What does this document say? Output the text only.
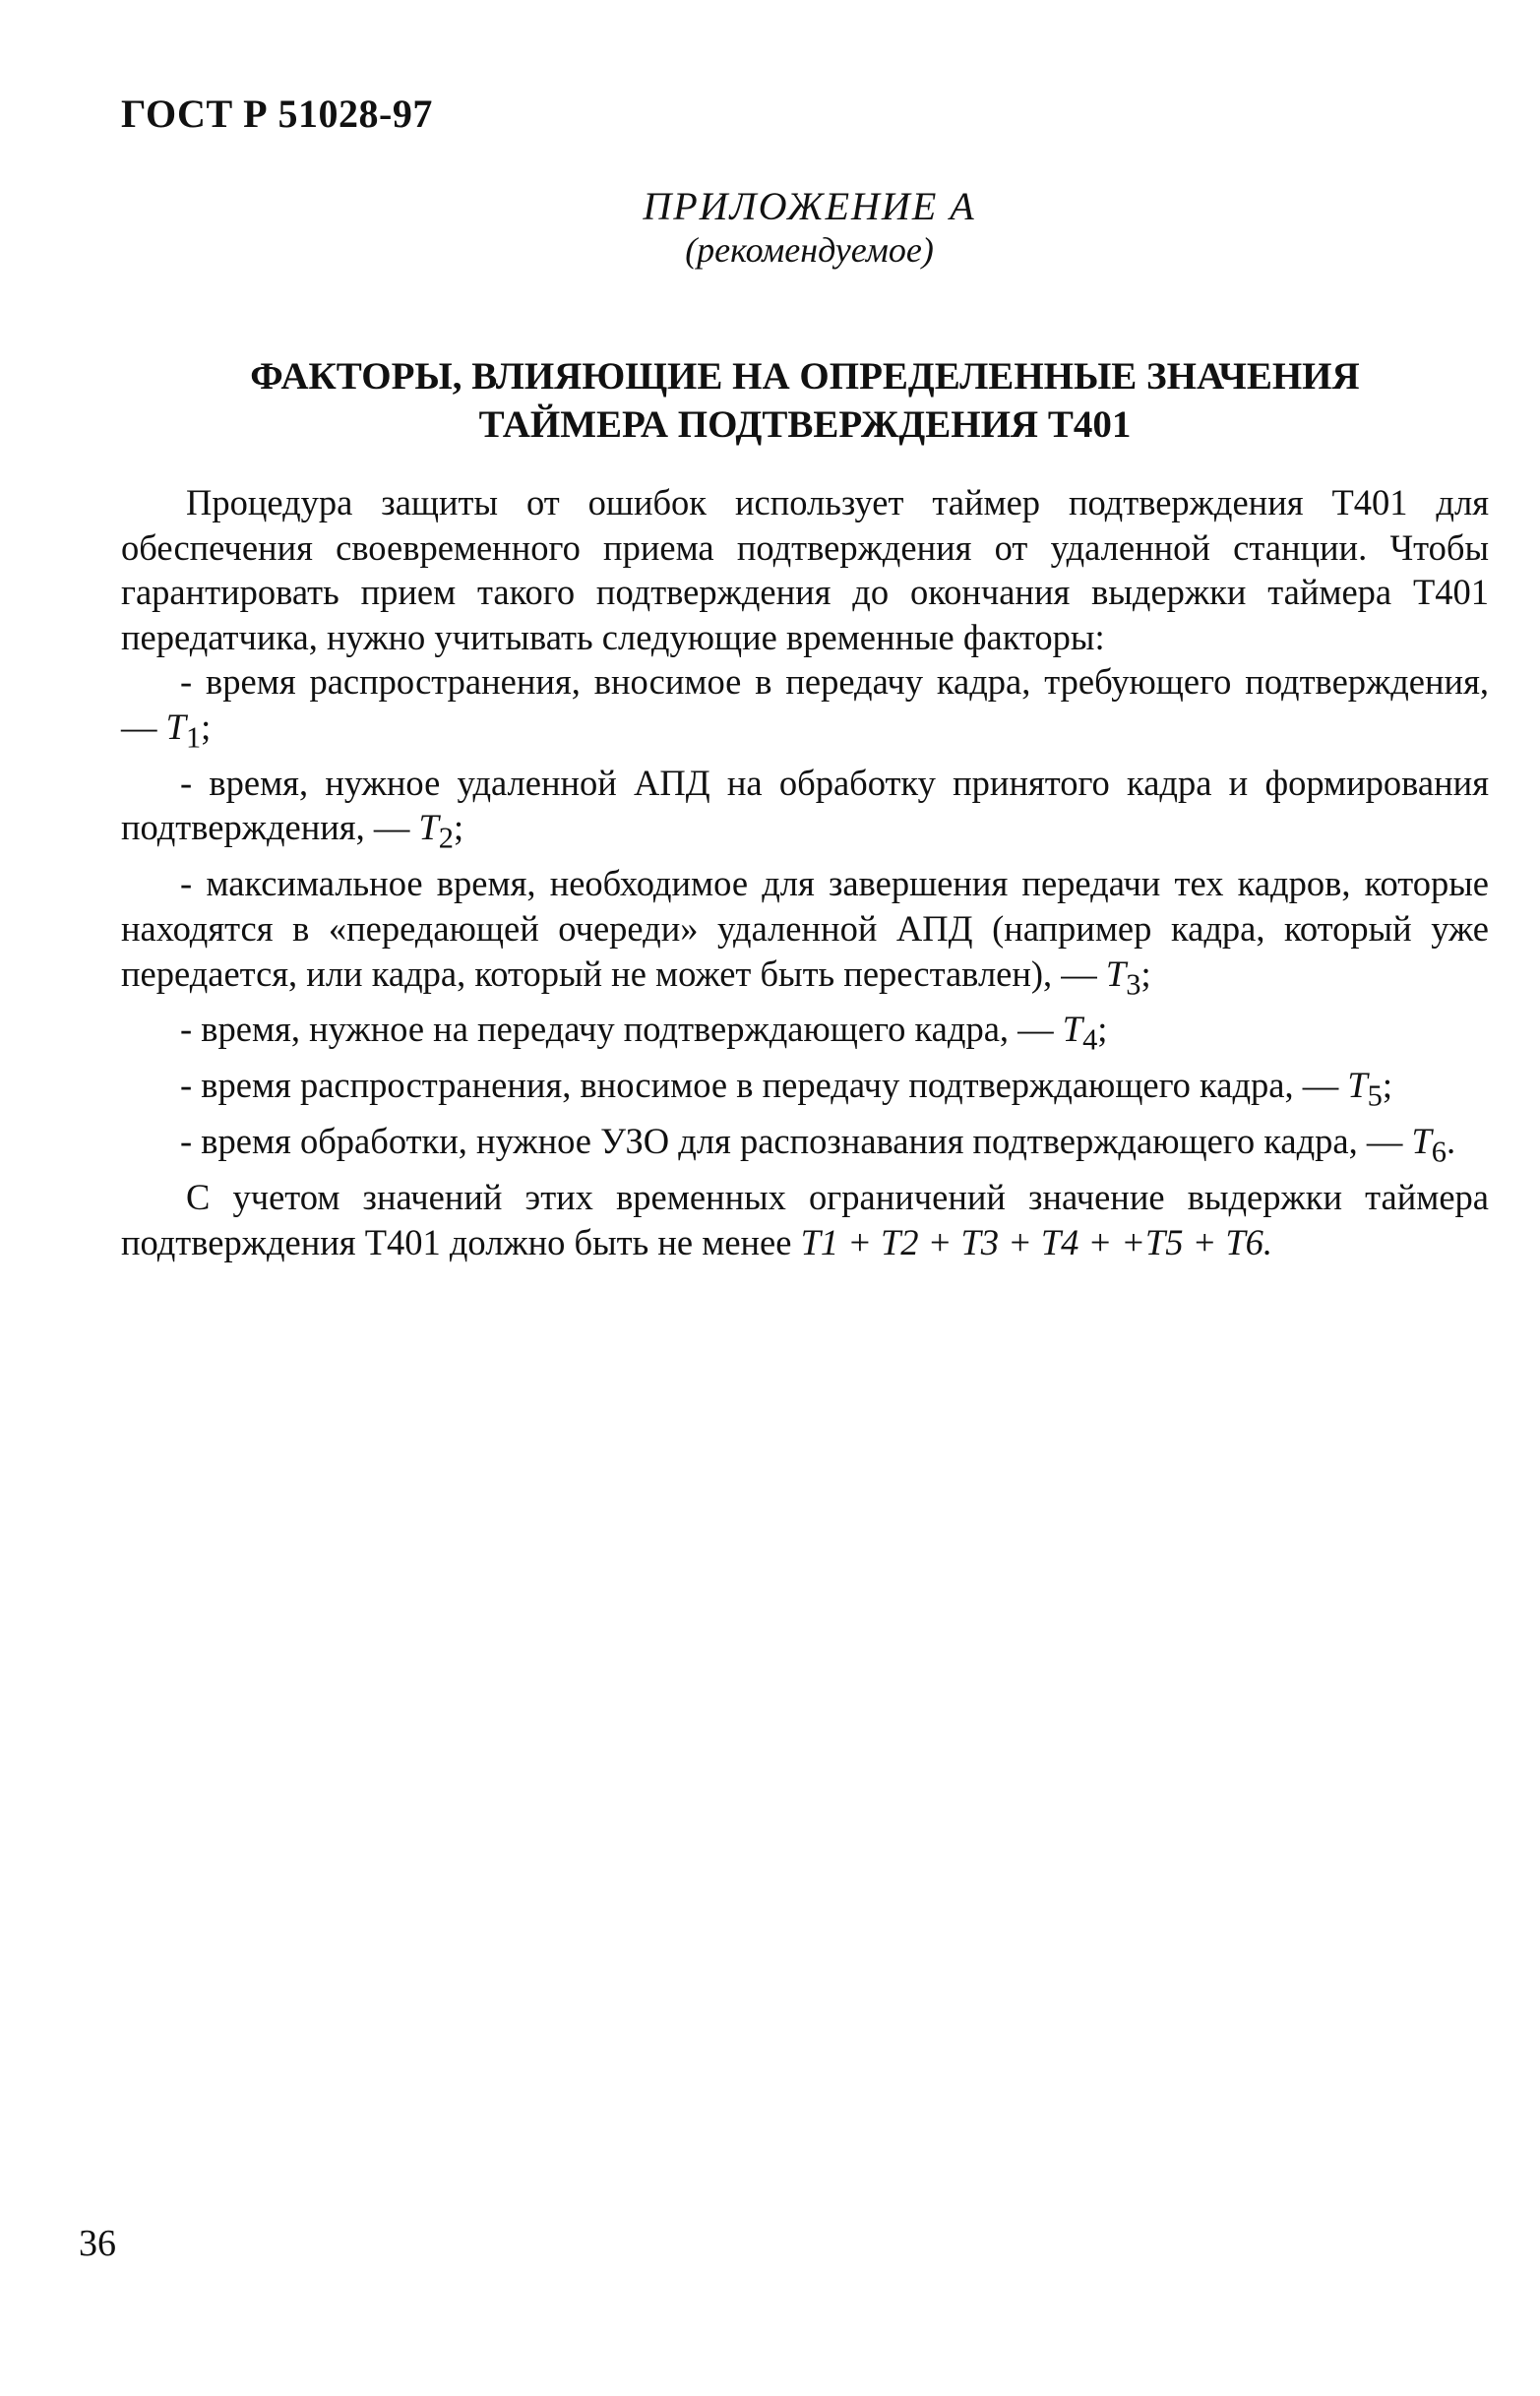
ГОСТ Р 51028-97

ПРИЛОЖЕНИЕ А

(рекомендуемое)

ФАКТОРЫ, ВЛИЯЮЩИЕ НА ОПРЕДЕЛЕННЫЕ ЗНАЧЕНИЯ
ТАЙМЕРА ПОДТВЕРЖДЕНИЯ Т401

Процедура защиты от ошибок использует таймер подтверждения Т401 для обеспечения своевременного приема подтверждения от удаленной станции. Чтобы гарантировать прием такого подтверждения до окончания выдержки таймера Т401 передатчика, нужно учитывать следующие временные факторы:

- время распространения, вносимое в передачу кадра, требующего подтверждения, — $T_1$;

- время, нужное удаленной АПД на обработку принятого кадра и формирования подтверждения, — $T_2$;

- максимальное время, необходимое для завершения передачи тех кадров, которые находятся в «передающей очереди» удаленной АПД (например кадра, который уже передается, или кадра, который не может быть переставлен), — $T_3$;

- время, нужное на передачу подтверждающего кадра, — $T_4$;

- время распространения, вносимое в передачу подтверждающего кадра, — $T_5$;

- время обработки, нужное УЗО для распознавания подтверждающего кадра, — $T_6$.

С учетом значений этих временных ограничений значение выдержки таймера подтверждения Т401 должно быть не менее T1 + T2 + T3 + T4 + +T5 + T6.

36
